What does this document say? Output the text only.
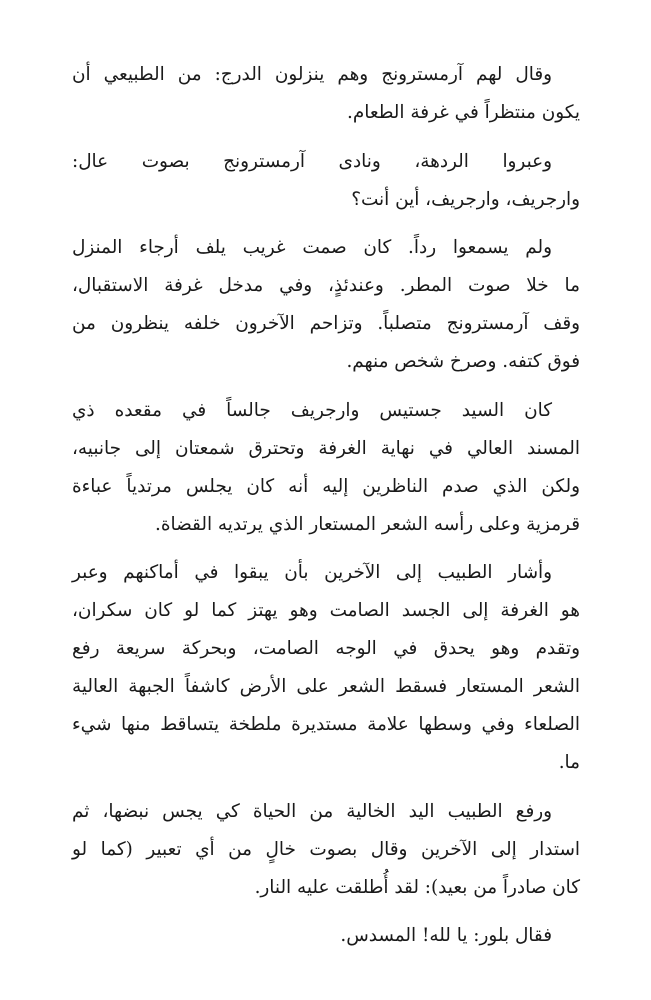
وقال لهم آرمسترونج وهم ينزلون الدرج: من الطبيعي أن
يكون منتظراً في غرفة الطعام.

وعبروا الردهة، ونادى آرمسترونج بصوت عال:
وارجريف، وارجريف، أين أنت؟

ولم يسمعوا رداً. كان صمت غريب يلف أرجاء المنزل
ما خلا صوت المطر. وعندئذٍ، وفي مدخل غرفة الاستقبال،
وقف آرمسترونج متصلباً. وتزاحم الآخرون خلفه ينظرون من
فوق كتفه. وصرخ شخص منهم.

كان السيد جستيس وارجريف جالساً في مقعده ذي
المسند العالي في نهاية الغرفة وتحترق شمعتان إلى جانبيه،
ولكن الذي صدم الناظرين إليه أنه كان يجلس مرتدياً عباءة
قرمزية وعلى رأسه الشعر المستعار الذي يرتديه القضاة.

وأشار الطبيب إلى الآخرين بأن يبقوا في أماكنهم وعبر
هو الغرفة إلى الجسد الصامت وهو يهتز كما لو كان سكران،
وتقدم وهو يحدق في الوجه الصامت، وبحركة سريعة رفع
الشعر المستعار فسقط الشعر على الأرض كاشفاً الجبهة العالية
الصلعاء وفي وسطها علامة مستديرة ملطخة يتساقط منها شيء
ما.

ورفع الطبيب اليد الخالية من الحياة كي يجس نبضها، ثم
استدار إلى الآخرين وقال بصوت خالٍ من أي تعبير (كما لو
كان صادراً من بعيد): لقد أُطلقت عليه النار.

فقال بلور: يا لله! المسدس.
